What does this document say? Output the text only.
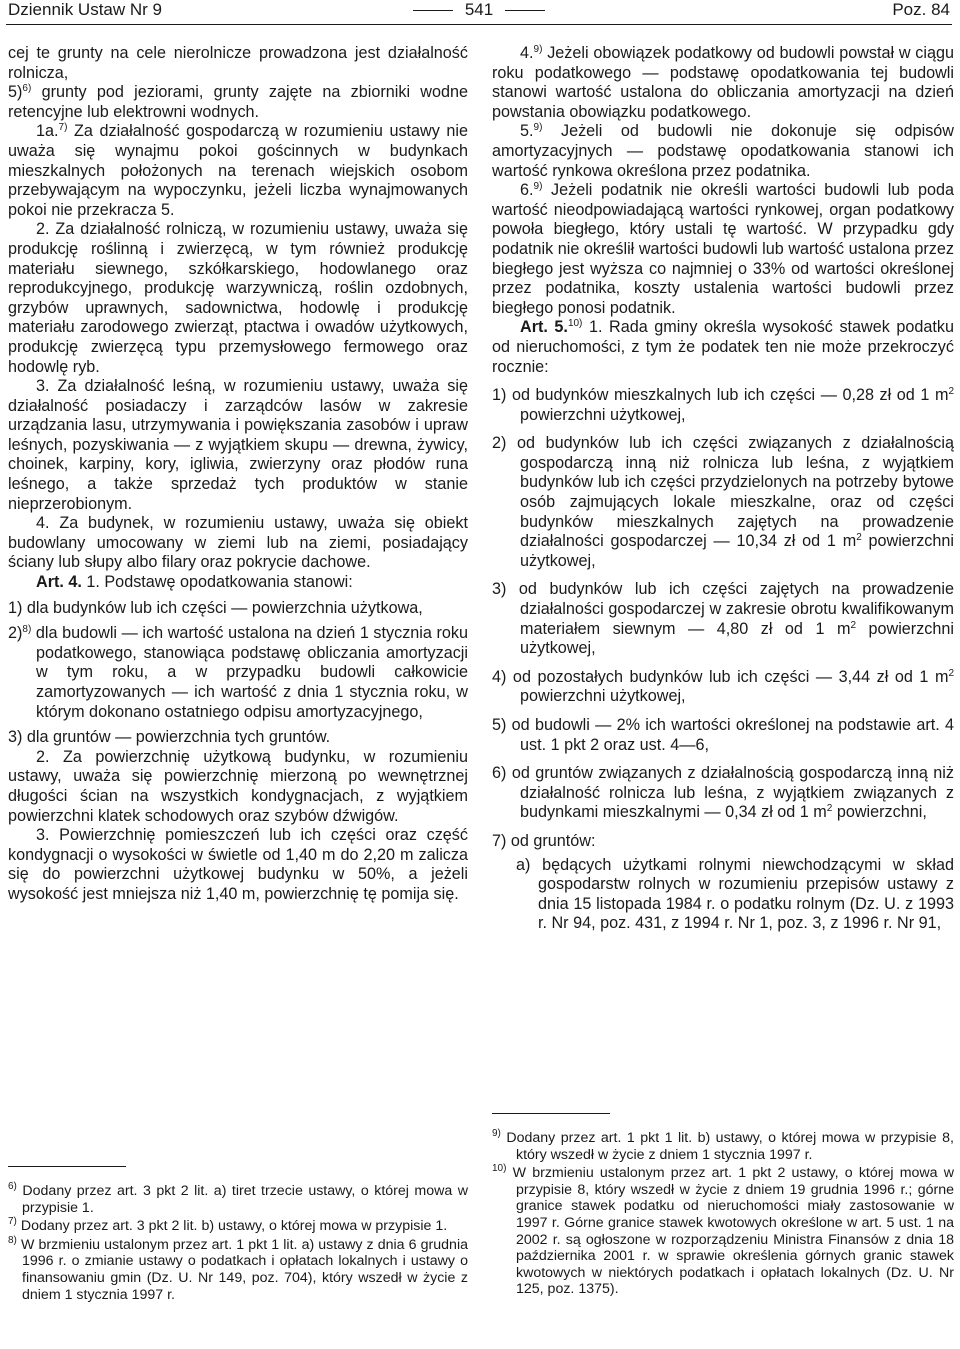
Dziennik Ustaw Nr 9	541	Poz. 84

cej te grunty na cele nierolnicze prowadzona jest działalność rolnicza,

5)$^{6)}$ grunty pod jeziorami, grunty zajęte na zbiorniki wodne retencyjne lub elektrowni wodnych.

1a.$^{7)}$ Za działalność gospodarczą w rozumieniu ustawy nie uważa się wynajmu pokoi gościnnych w budynkach mieszkalnych położonych na terenach wiejskich osobom przebywającym na wypoczynku, jeżeli liczba wynajmowanych pokoi nie przekracza 5.

2. Za działalność rolniczą, w rozumieniu ustawy, uważa się produkcję roślinną i zwierzęcą, w tym również produkcję materiału siewnego, szkółkarskiego, hodowlanego oraz reprodukcyjnego, produkcję warzywniczą, roślin ozdobnych, grzybów uprawnych, sadownictwa, hodowlę i produkcję materiału zarodowego zwierząt, ptactwa i owadów użytkowych, produkcję zwierzęcą typu przemysłowego fermowego oraz hodowlę ryb.

3. Za działalność leśną, w rozumieniu ustawy, uważa się działalność posiadaczy i zarządców lasów w zakresie urządzania lasu, utrzymywania i powiększania zasobów i upraw leśnych, pozyskiwania — z wyjątkiem skupu — drewna, żywicy, choinek, karpiny, kory, igliwia, zwierzyny oraz płodów runa leśnego, a także sprzedaż tych produktów w stanie nieprzerobionym.

4. Za budynek, w rozumieniu ustawy, uważa się obiekt budowlany umocowany w ziemi lub na ziemi, posiadający ściany lub słupy albo filary oraz pokrycie dachowe.

Art. 4. 1. Podstawę opodatkowania stanowi:

1) dla budynków lub ich części — powierzchnia użytkowa,

2)$^{8)}$ dla budowli — ich wartość ustalona na dzień 1 stycznia roku podatkowego, stanowiąca podstawę obliczania amortyzacji w tym roku, a w przypadku budowli całkowicie zamortyzowanych — ich wartość z dnia 1 stycznia roku, w którym dokonano ostatniego odpisu amortyzacyjnego,

3) dla gruntów — powierzchnia tych gruntów.

2. Za powierzchnię użytkową budynku, w rozumieniu ustawy, uważa się powierzchnię mierzoną po wewnętrznej długości ścian na wszystkich kondygnacjach, z wyjątkiem powierzchni klatek schodowych oraz szybów dźwigów.

3. Powierzchnię pomieszczeń lub ich części oraz część kondygnacji o wysokości w świetle od 1,40 m do 2,20 m zalicza się do powierzchni użytkowej budynku w 50%, a jeżeli wysokość jest mniejsza niż 1,40 m, powierzchnię tę pomija się.

$^{6)}$ Dodany przez art. 3 pkt 2 lit. a) tiret trzecie ustawy, o której mowa w przypisie 1.

$^{7)}$ Dodany przez art. 3 pkt 2 lit. b) ustawy, o której mowa w przypisie 1.

$^{8)}$ W brzmieniu ustalonym przez art. 1 pkt 1 lit. a) ustawy z dnia 6 grudnia 1996 r. o zmianie ustawy o podatkach i opłatach lokalnych i ustawy o finansowaniu gmin (Dz. U. Nr 149, poz. 704), który wszedł w życie z dniem 1 stycznia 1997 r.

4.$^{9)}$ Jeżeli obowiązek podatkowy od budowli powstał w ciągu roku podatkowego — podstawę opodatkowania tej budowli stanowi wartość ustalona do obliczania amortyzacji na dzień powstania obowiązku podatkowego.

5.$^{9)}$ Jeżeli od budowli nie dokonuje się odpisów amortyzacyjnych — podstawę opodatkowania stanowi ich wartość rynkowa określona przez podatnika.

6.$^{9)}$ Jeżeli podatnik nie określi wartości budowli lub poda wartość nieodpowiadającą wartości rynkowej, organ podatkowy powoła biegłego, który ustali tę wartość. W przypadku gdy podatnik nie określił wartości budowli lub wartość ustalona przez biegłego jest wyższa co najmniej o 33% od wartości określonej przez podatnika, koszty ustalenia wartości budowli przez biegłego ponosi podatnik.

Art. 5.$^{10)}$ 1. Rada gminy określa wysokość stawek podatku od nieruchomości, z tym że podatek ten nie może przekroczyć rocznie:

1) od budynków mieszkalnych lub ich części — 0,28 zł od 1 $m^2$ powierzchni użytkowej,

2) od budynków lub ich części związanych z działalnością gospodarczą inną niż rolnicza lub leśna, z wyjątkiem budynków lub ich części przydzielonych na potrzeby bytowe osób zajmujących lokale mieszkalne, oraz od części budynków mieszkalnych zajętych na prowadzenie działalności gospodarczej — 10,34 zł od 1 $m^2$ powierzchni użytkowej,

3) od budynków lub ich części zajętych na prowadzenie działalności gospodarczej w zakresie obrotu kwalifikowanym materiałem siewnym — 4,80 zł od 1 $m^2$ powierzchni użytkowej,

4) od pozostałych budynków lub ich części — 3,44 zł od 1 $m^2$ powierzchni użytkowej,

5) od budowli — 2% ich wartości określonej na podstawie art. 4 ust. 1 pkt 2 oraz ust. 4—6,

6) od gruntów związanych z działalnością gospodarczą inną niż działalność rolnicza lub leśna, z wyjątkiem związanych z budynkami mieszkalnymi — 0,34 zł od 1 $m^2$ powierzchni,

7) od gruntów:

a) będących użytkami rolnymi niewchodzącymi w skład gospodarstw rolnych w rozumieniu przepisów ustawy z dnia 15 listopada 1984 r. o podatku rolnym (Dz. U. z 1993 r. Nr 94, poz. 431, z 1994 r. Nr 1, poz. 3, z 1996 r. Nr 91,

$^{9)}$ Dodany przez art. 1 pkt 1 lit. b) ustawy, o której mowa w przypisie 8, który wszedł w życie z dniem 1 stycznia 1997 r.

$^{10)}$ W brzmieniu ustalonym przez art. 1 pkt 2 ustawy, o której mowa w przypisie 8, który wszedł w życie z dniem 19 grudnia 1996 r.; górne granice stawek podatku od nieruchomości miały zastosowanie w 1997 r. Górne granice stawek kwotowych określone w art. 5 ust. 1 na 2002 r. są ogłoszone w rozporządzeniu Ministra Finansów z dnia 18 października 2001 r. w sprawie określenia górnych granic stawek kwotowych w niektórych podatkach i opłatach lokalnych (Dz. U. Nr 125, poz. 1375).
